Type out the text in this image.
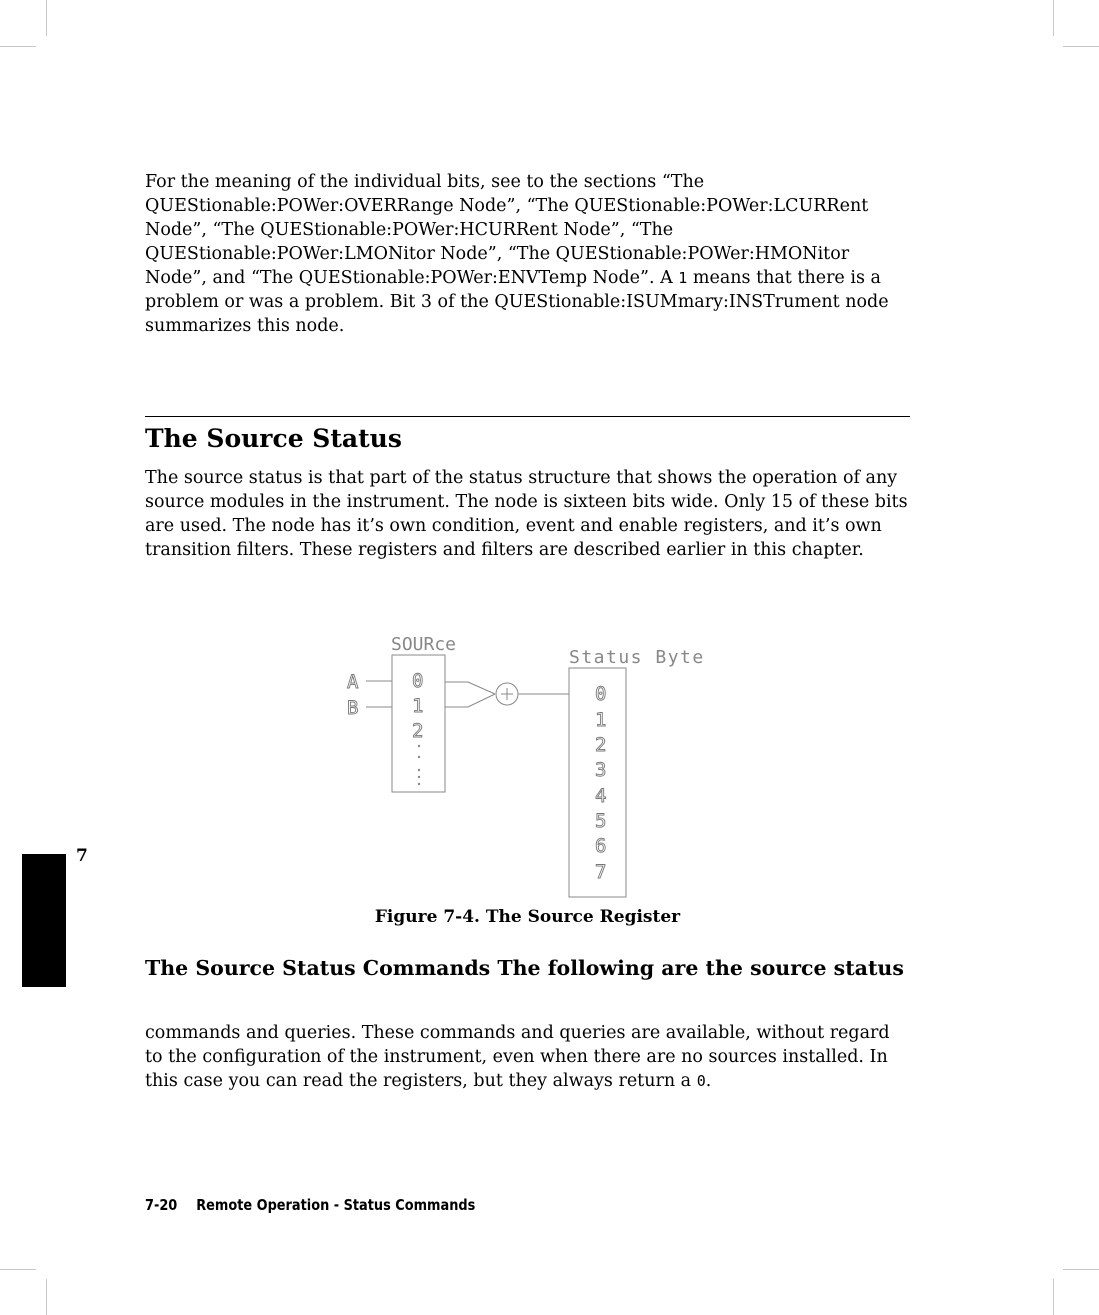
For the meaning of the individual bits, see to the sections “The QUEStionable:POWer:OVERRange Node”, “The QUEStionable:POWer:LCURRent Node”, “The QUEStionable:POWer:HCURRent Node”, “The QUEStionable:POWer:LMONitor Node”, “The QUEStionable:POWer:HMONitor Node”, and “The QUEStionable:POWer:ENVTemp Node”. A 1 means that there is a problem or was a problem. Bit 3 of the QUEStionable:ISUMmary:INSTrument node summarizes this node.

The Source Status

The source status is that part of the status structure that shows the operation of any source modules in the instrument. The node is sixteen bits wide. Only 15 of these bits are used. The node has it’s own condition, event and enable registers, and it’s own transition filters. These registers and filters are described earlier in this chapter.

SOURce
Status Byte
0
1
2
A
B
0
1
2
3
4
5
6
7
Figure 7-4. The Source Register
The Source Status Commands The following are the source status

commands and queries. These commands and queries are available, without regard to the configuration of the instrument, even when there are no sources installed. In this case you can read the registers, but they always return a 0.

7
7-20 Remote Operation - Status Commands
